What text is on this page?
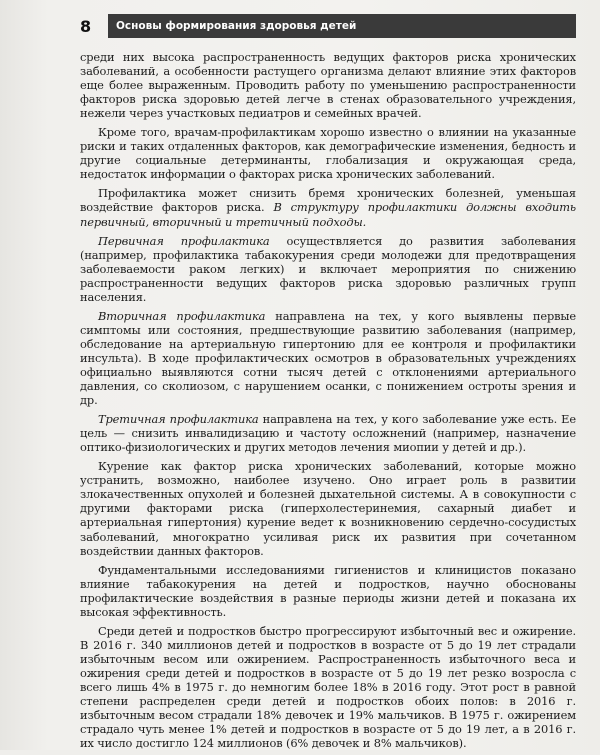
8	Основы формирования здоровья детей

среди них высока распространенность ведущих факторов риска хронических заболеваний, а особенности растущего организма делают влияние этих факторов еще более выраженным. Проводить работу по уменьшению распространенности факторов риска здоровью детей легче в стенах образовательного учреждения, нежели через участковых педиатров и семейных врачей.

Кроме того, врачам-профилактикам хорошо известно о влиянии на указанные риски и таких отдаленных факторов, как демографические изменения, бедность и другие социальные детерминанты, глобализация и окружающая среда, недостаток информации о факторах риска хронических заболеваний.

Профилактика может снизить бремя хронических болезней, уменьшая воздействие факторов риска. В структуру профилактики должны входить первичный, вторичный и третичный подходы.

Первичная профилактика осуществляется до развития заболевания (например, профилактика табакокурения среди молодежи для предотвращения заболеваемости раком легких) и включает мероприятия по снижению распространенности ведущих факторов риска здоровью различных групп населения.

Вторичная профилактика направлена на тех, у кого выявлены первые симптомы или состояния, предшествующие развитию заболевания (например, обследование на артериальную гипертонию для ее контроля и профилактики инсульта). В ходе профилактических осмотров в образовательных учреждениях официально выявляются сотни тысяч детей с отклонениями артериального давления, со сколиозом, с нарушением осанки, с понижением остроты зрения и др.

Третичная профилактика направлена на тех, у кого заболевание уже есть. Ее цель — снизить инвалидизацию и частоту осложнений (например, назначение оптико-физиологических и других методов лечения миопии у детей и др.).

Курение как фактор риска хронических заболеваний, которые можно устранить, возможно, наиболее изучено. Оно играет роль в развитии злокачественных опухолей и болезней дыхательной системы. А в совокупности с другими факторами риска (гиперхолестеринемия, сахарный диабет и артериальная гипертония) курение ведет к возникновению сердечно-сосудистых заболеваний, многократно усиливая риск их развития при сочетанном воздействии данных факторов.

Фундаментальными исследованиями гигиенистов и клиницистов показано влияние табакокурения на детей и подростков, научно обоснованы профилактические воздействия в разные периоды жизни детей и показана их высокая эффективность.

Среди детей и подростков быстро прогрессируют избыточный вес и ожирение. В 2016 г. 340 миллионов детей и подростков в возрасте от 5 до 19 лет страдали избыточным весом или ожирением. Распространенность избыточного веса и ожирения среди детей и подростков в возрасте от 5 до 19 лет резко возросла с всего лишь 4% в 1975 г. до немногим более 18% в 2016 году. Этот рост в равной степени распределен среди детей и подростков обоих полов: в 2016 г. избыточным весом страдали 18% девочек и 19% мальчиков. В 1975 г. ожирением страдало чуть менее 1% детей и подростков в возрасте от 5 до 19 лет, а в 2016 г. их число достигло 124 миллионов (6% девочек и 8% мальчиков).
